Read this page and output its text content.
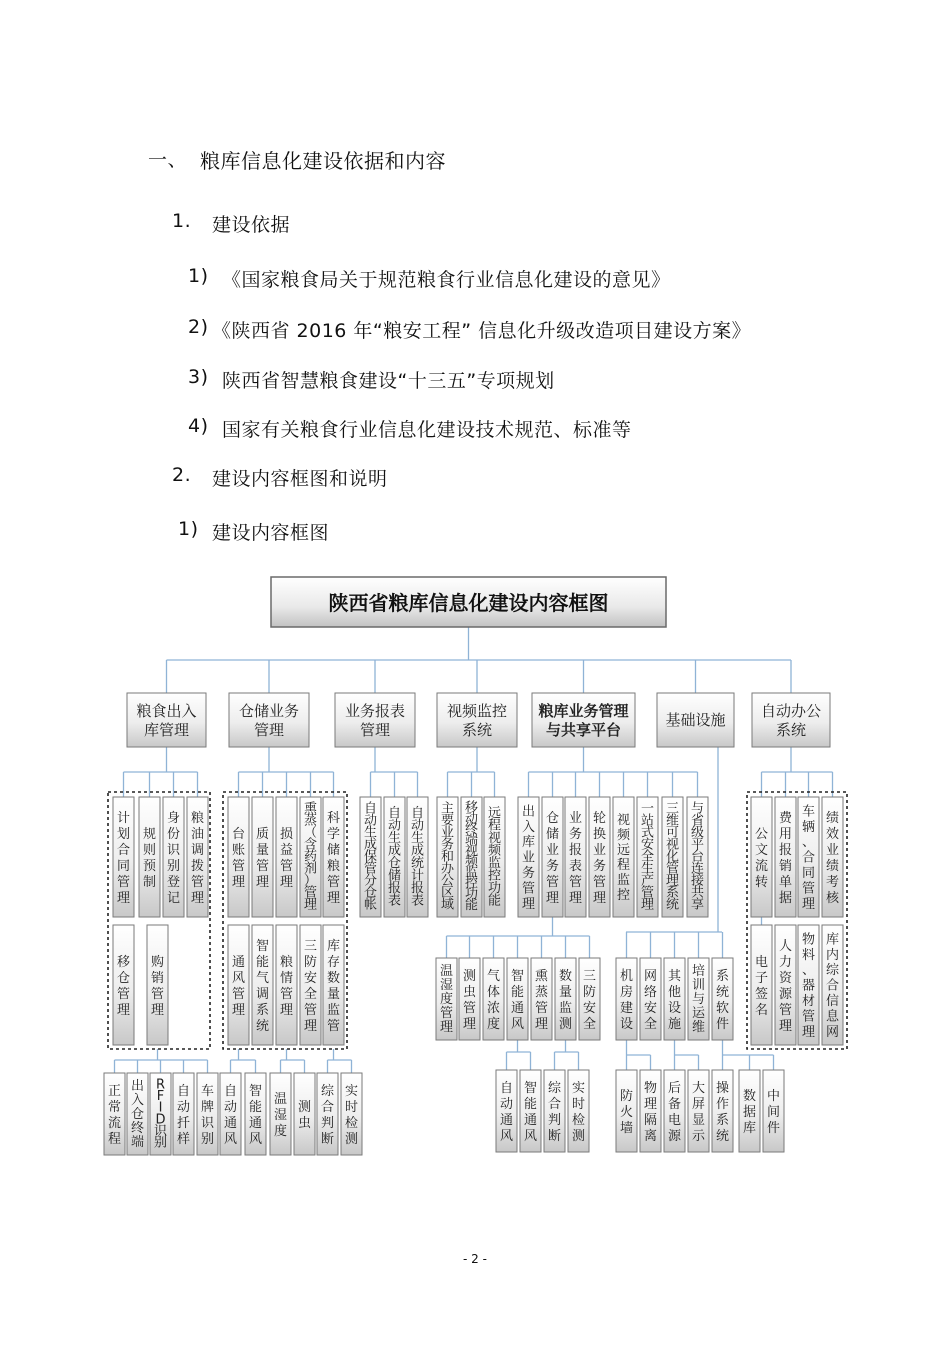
一、 粮库信息化建设依据和内容
1. 建设依据
1) 《国家粮食局关于规范粮食行业信息化建设的意见》
2) 《陕西省 2016 年“粮安工程” 信息化升级改造项目建设方案》
3) 陕西省智慧粮食建设“十三五”专项规划
4) 国家有关粮食行业信息化建设技术规范、标准等
2. 建设内容框图和说明
1) 建设内容框图
陕西省粮库信息化建设内容框图
粮食出入
库管理
仓储业务
管理
业务报表
管理
视频监控
系统
粮库业务管理
与共享平台
基础设施 自动办公
系统
计划合同管理
规则预制
身份识别登记
粮油调拨管理
移仓管理
购销管理
正常流程
出入仓终端
R F I D 识别
自动扦样
车牌识别
台账管理
质量管理
损益管理
熏蒸（含药剂）管理
科学储粮管理
通风管理
智能气调系统
粮情管理
三防安全管理
库存数量监管
自动通风
智能通风
温湿度
测虫
综合判断
实时检测
自动生成保管分仓帐
自动生成仓储报表
自动生成统计报表
主要业务和办公区域
移动终端视频监控功能
远程视频监控功能
出入库业务管理
仓储业务管理
业务报表管理
轮换业务管理
视频远程监控
一站式安全生产管理
三维可视化管理系统
与省级平台连接共享
温湿度管理
测虫管理
气体浓度
智能通风
熏蒸管理
数量监测
三防安全
自动通风
智能通风
综合判断
实时检测
机房建设
网络安全
其他设施
培训与运维
系统软件
防火墙
物理隔离
后备电源
大屏显示
操作系统
数据库
中间件
公文流转
费用报销单据
车辆、合同管理
绩效业绩考核
电子签名
人力资源管理
物料、器材管理
库内综合信息网
- 2 -
